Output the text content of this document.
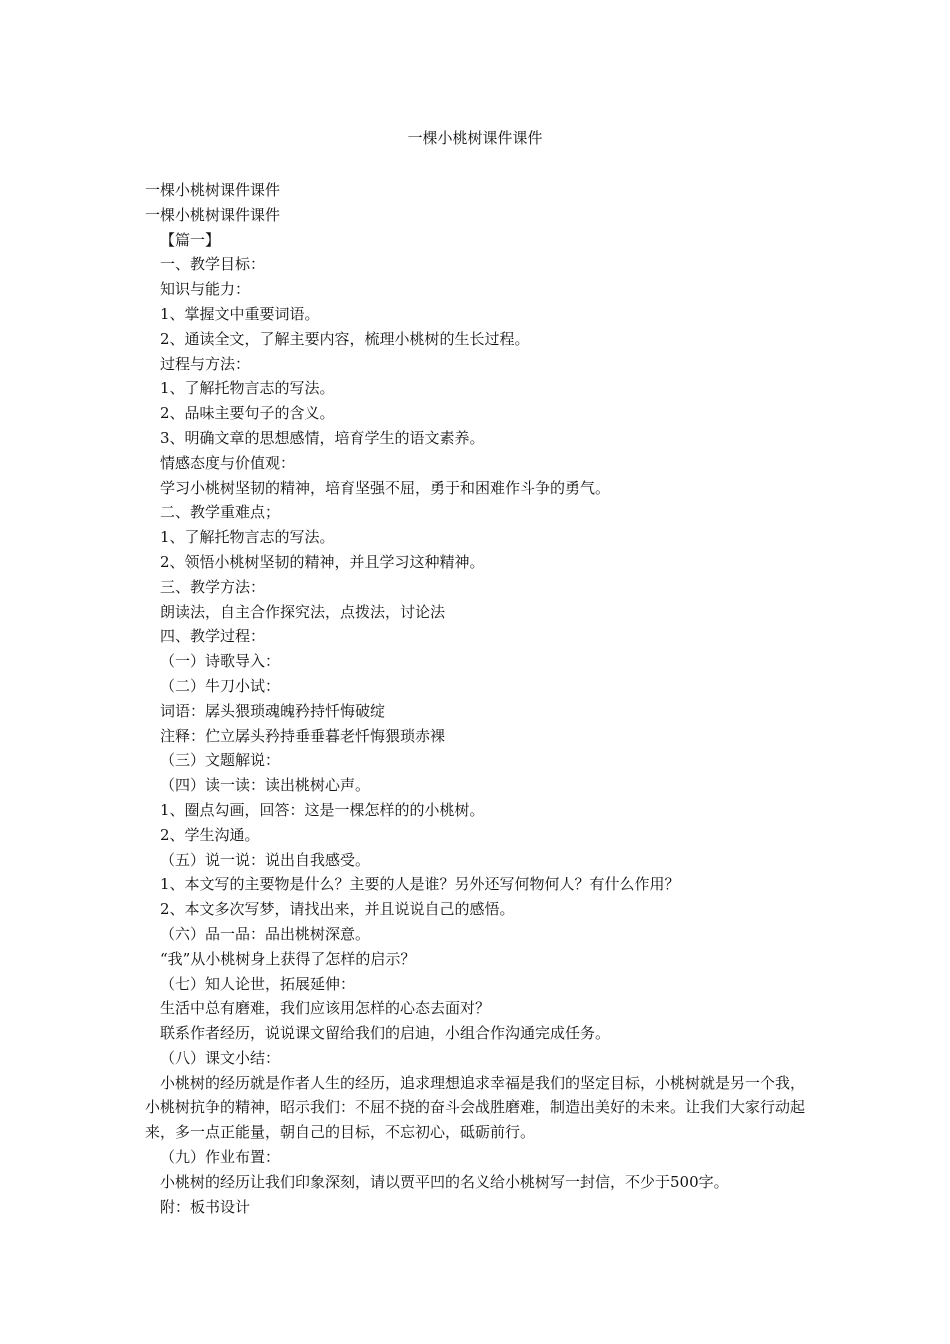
一棵小桃树课件课件
一棵小桃树课件课件
一棵小桃树课件课件
【篇一】
一、教学目标：
知识与能力：
1、掌握文中重要词语。
2、通读全文，了解主要内容，梳理小桃树的生长过程。
过程与方法：
1、了解托物言志的写法。
2、品味主要句子的含义。
3、明确文章的思想感情，培育学生的语文素养。
情感态度与价值观：
学习小桃树坚韧的精神，培育坚强不屈，勇于和困难作斗争的勇气。
二、教学重难点；
1、了解托物言志的写法。
2、领悟小桃树坚韧的精神，并且学习这种精神。
三、教学方法：
朗读法，自主合作探究法，点拨法，讨论法
四、教学过程：
（一）诗歌导入：
（二）牛刀小试：
词语：孱头猥琐魂魄矜持忏悔破绽
注释：伫立孱头矜持垂垂暮老忏悔猥琐赤裸
（三）文题解说：
（四）读一读：读出桃树心声。
1、圈点勾画，回答：这是一棵怎样的的小桃树。
2、学生沟通。
（五）说一说：说出自我感受。
1、本文写的主要物是什么？主要的人是谁？另外还写何物何人？有什么作用？
2、本文多次写梦，请找出来，并且说说自己的感悟。
（六）品一品：品出桃树深意。
“我”从小桃树身上获得了怎样的启示？
（七）知人论世，拓展延伸：
生活中总有磨难，我们应该用怎样的心态去面对？
联系作者经历，说说课文留给我们的启迪，小组合作沟通完成任务。
（八）课文小结：
小桃树的经历就是作者人生的经历，追求理想追求幸福是我们的坚定目标，小桃树就是另一个我，小桃树抗争的精神，昭示我们：不屈不挠的奋斗会战胜磨难，制造出美好的未来。让我们大家行动起来，多一点正能量，朝自己的目标，不忘初心，砥砺前行。
（九）作业布置：
小桃树的经历让我们印象深刻，请以贾平凹的名义给小桃树写一封信，不少于500字。
附：板书设计
